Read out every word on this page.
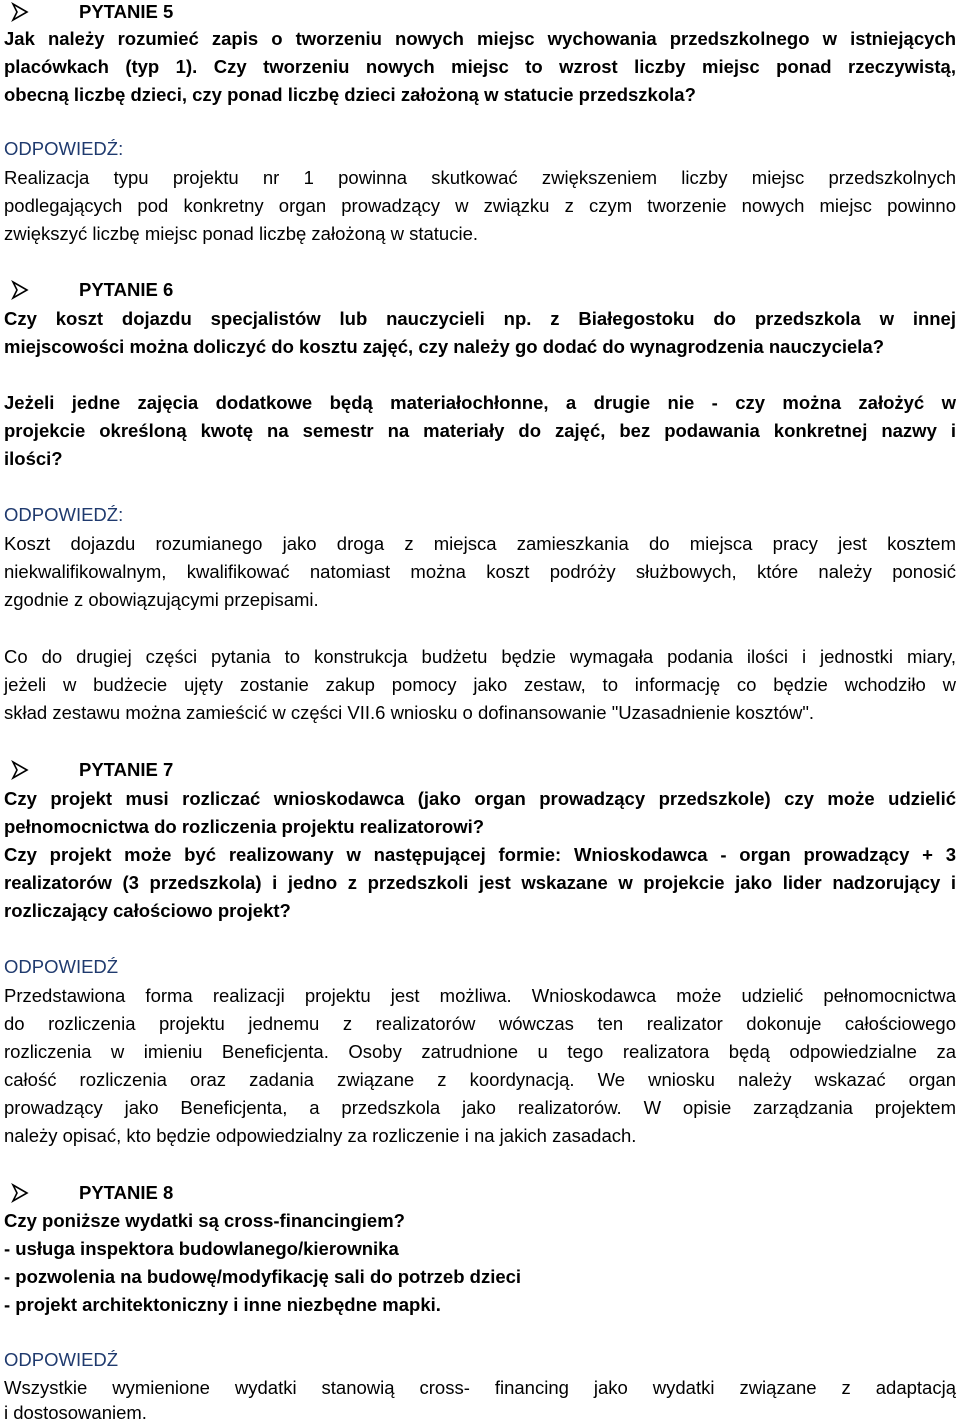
PYTANIE 5
Jak należy rozumieć zapis o tworzeniu nowych miejsc wychowania przedszkolnego w istniejących
placówkach (typ 1). Czy tworzeniu nowych miejsc to wzrost liczby miejsc ponad rzeczywistą,
obecną liczbę dzieci, czy ponad liczbę dzieci założoną w statucie przedszkola?
ODPOWIEDŹ:
Realizacja typu projektu nr 1 powinna skutkować zwiększeniem liczby miejsc przedszkolnych
podlegających pod konkretny organ prowadzący w związku z czym tworzenie nowych miejsc powinno
zwiększyć liczbę miejsc ponad liczbę założoną w statucie.
PYTANIE 6
Czy koszt dojazdu specjalistów lub nauczycieli np. z Białegostoku do przedszkola w innej
miejscowości można doliczyć do kosztu zajęć, czy należy go dodać do wynagrodzenia nauczyciela?
Jeżeli jedne zajęcia dodatkowe będą materiałochłonne, a drugie nie - czy można założyć w
projekcie określoną kwotę na semestr na materiały do zajęć, bez podawania konkretnej nazwy i
ilości?
ODPOWIEDŹ:
Koszt dojazdu rozumianego jako droga z miejsca zamieszkania do miejsca pracy jest kosztem
niekwalifikowalnym, kwalifikować natomiast można koszt podróży służbowych, które należy ponosić
zgodnie z obowiązującymi przepisami.
Co do drugiej części pytania to konstrukcja budżetu będzie wymagała podania ilości i jednostki miary,
jeżeli w budżecie ujęty zostanie zakup pomocy jako zestaw, to informację co będzie wchodziło w
skład zestawu można zamieścić w części VII.6 wniosku o dofinansowanie "Uzasadnienie kosztów".
PYTANIE 7
Czy projekt musi rozliczać wnioskodawca (jako organ prowadzący przedszkole) czy może udzielić
pełnomocnictwa do rozliczenia projektu realizatorowi?
Czy projekt może być realizowany w następującej formie: Wnioskodawca - organ prowadzący + 3
realizatorów (3 przedszkola) i jedno z przedszkoli jest wskazane w projekcie jako lider nadzorujący i
rozliczający całościowo projekt?
ODPOWIEDŹ
Przedstawiona forma realizacji projektu jest możliwa. Wnioskodawca może udzielić pełnomocnictwa
do rozliczenia projektu jednemu z realizatorów wówczas ten realizator dokonuje całościowego
rozliczenia w imieniu Beneficjenta. Osoby zatrudnione u tego realizatora będą odpowiedzialne za
całość rozliczenia oraz zadania związane z koordynacją. We wniosku należy wskazać organ
prowadzący jako Beneficjenta, a przedszkola jako realizatorów. W opisie zarządzania projektem
należy opisać, kto będzie odpowiedzialny za rozliczenie i na jakich zasadach.
PYTANIE 8
Czy poniższe wydatki są cross-financingiem?
- usługa inspektora budowlanego/kierownika
- pozwolenia na budowę/modyfikację sali do potrzeb dzieci
- projekt architektoniczny i inne niezbędne mapki.
ODPOWIEDŹ
Wszystkie wymienione wydatki stanowią cross- financing jako wydatki związane z adaptacją
i dostosowaniem.
